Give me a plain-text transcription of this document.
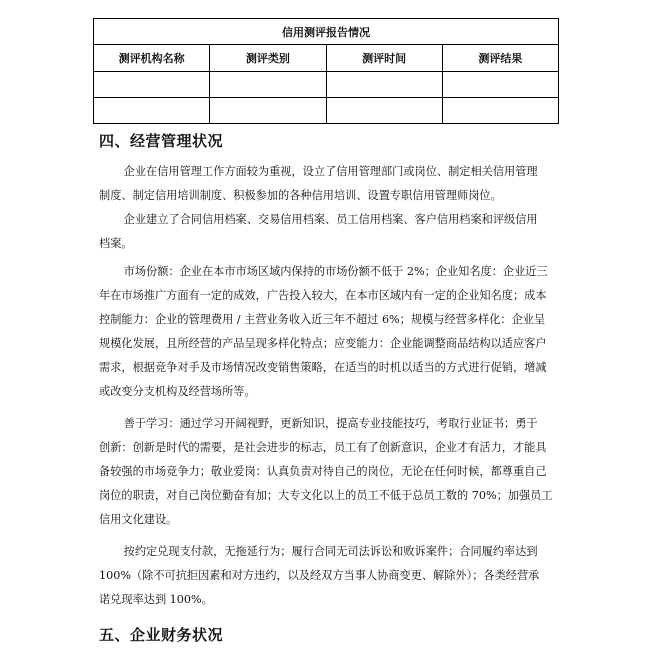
信用测评报告情况			
测评机构名称	测评类别	测评时间	测评结果

四、经营管理状况
企业在信用管理工作方面较为重视，设立了信用管理部门或岗位、制定相关信用管理
制度、制定信用培训制度、积极参加的各种信用培训、设置专职信用管理师岗位。
企业建立了合同信用档案、交易信用档案、员工信用档案、客户信用档案和评级信用
档案。
市场份额：企业在本市市场区域内保持的市场份额不低于 2%；企业知名度：企业近三
年在市场推广方面有一定的成效，广告投入较大，在本市区域内有一定的企业知名度；成本
控制能力：企业的管理费用 / 主营业务收入近三年不超过 6%；规模与经营多样化：企业呈
规模化发展，且所经营的产品呈现多样化特点；应变能力：企业能调整商品结构以适应客户
需求，根据竞争对手及市场情况改变销售策略，在适当的时机以适当的方式进行促销，增减
或改变分支机构及经营场所等。
善于学习：通过学习开阔视野，更新知识，提高专业技能技巧，考取行业证书；勇于
创新：创新是时代的需要，是社会进步的标志，员工有了创新意识，企业才有活力，才能具
备较强的市场竞争力；敬业爱岗：认真负责对待自己的岗位，无论在任何时候，都尊重自己
岗位的职责，对自己岗位勤奋有加；大专文化以上的员工不低于总员工数的 70%；加强员工
信用文化建设。
按约定兑现支付款，无拖延行为；履行合同无司法诉讼和败诉案件；合同履约率达到
100%（除不可抗拒因素和对方违约，以及经双方当事人协商变更、解除外）；各类经营承
诺兑现率达到 100%。
五、企业财务状况
